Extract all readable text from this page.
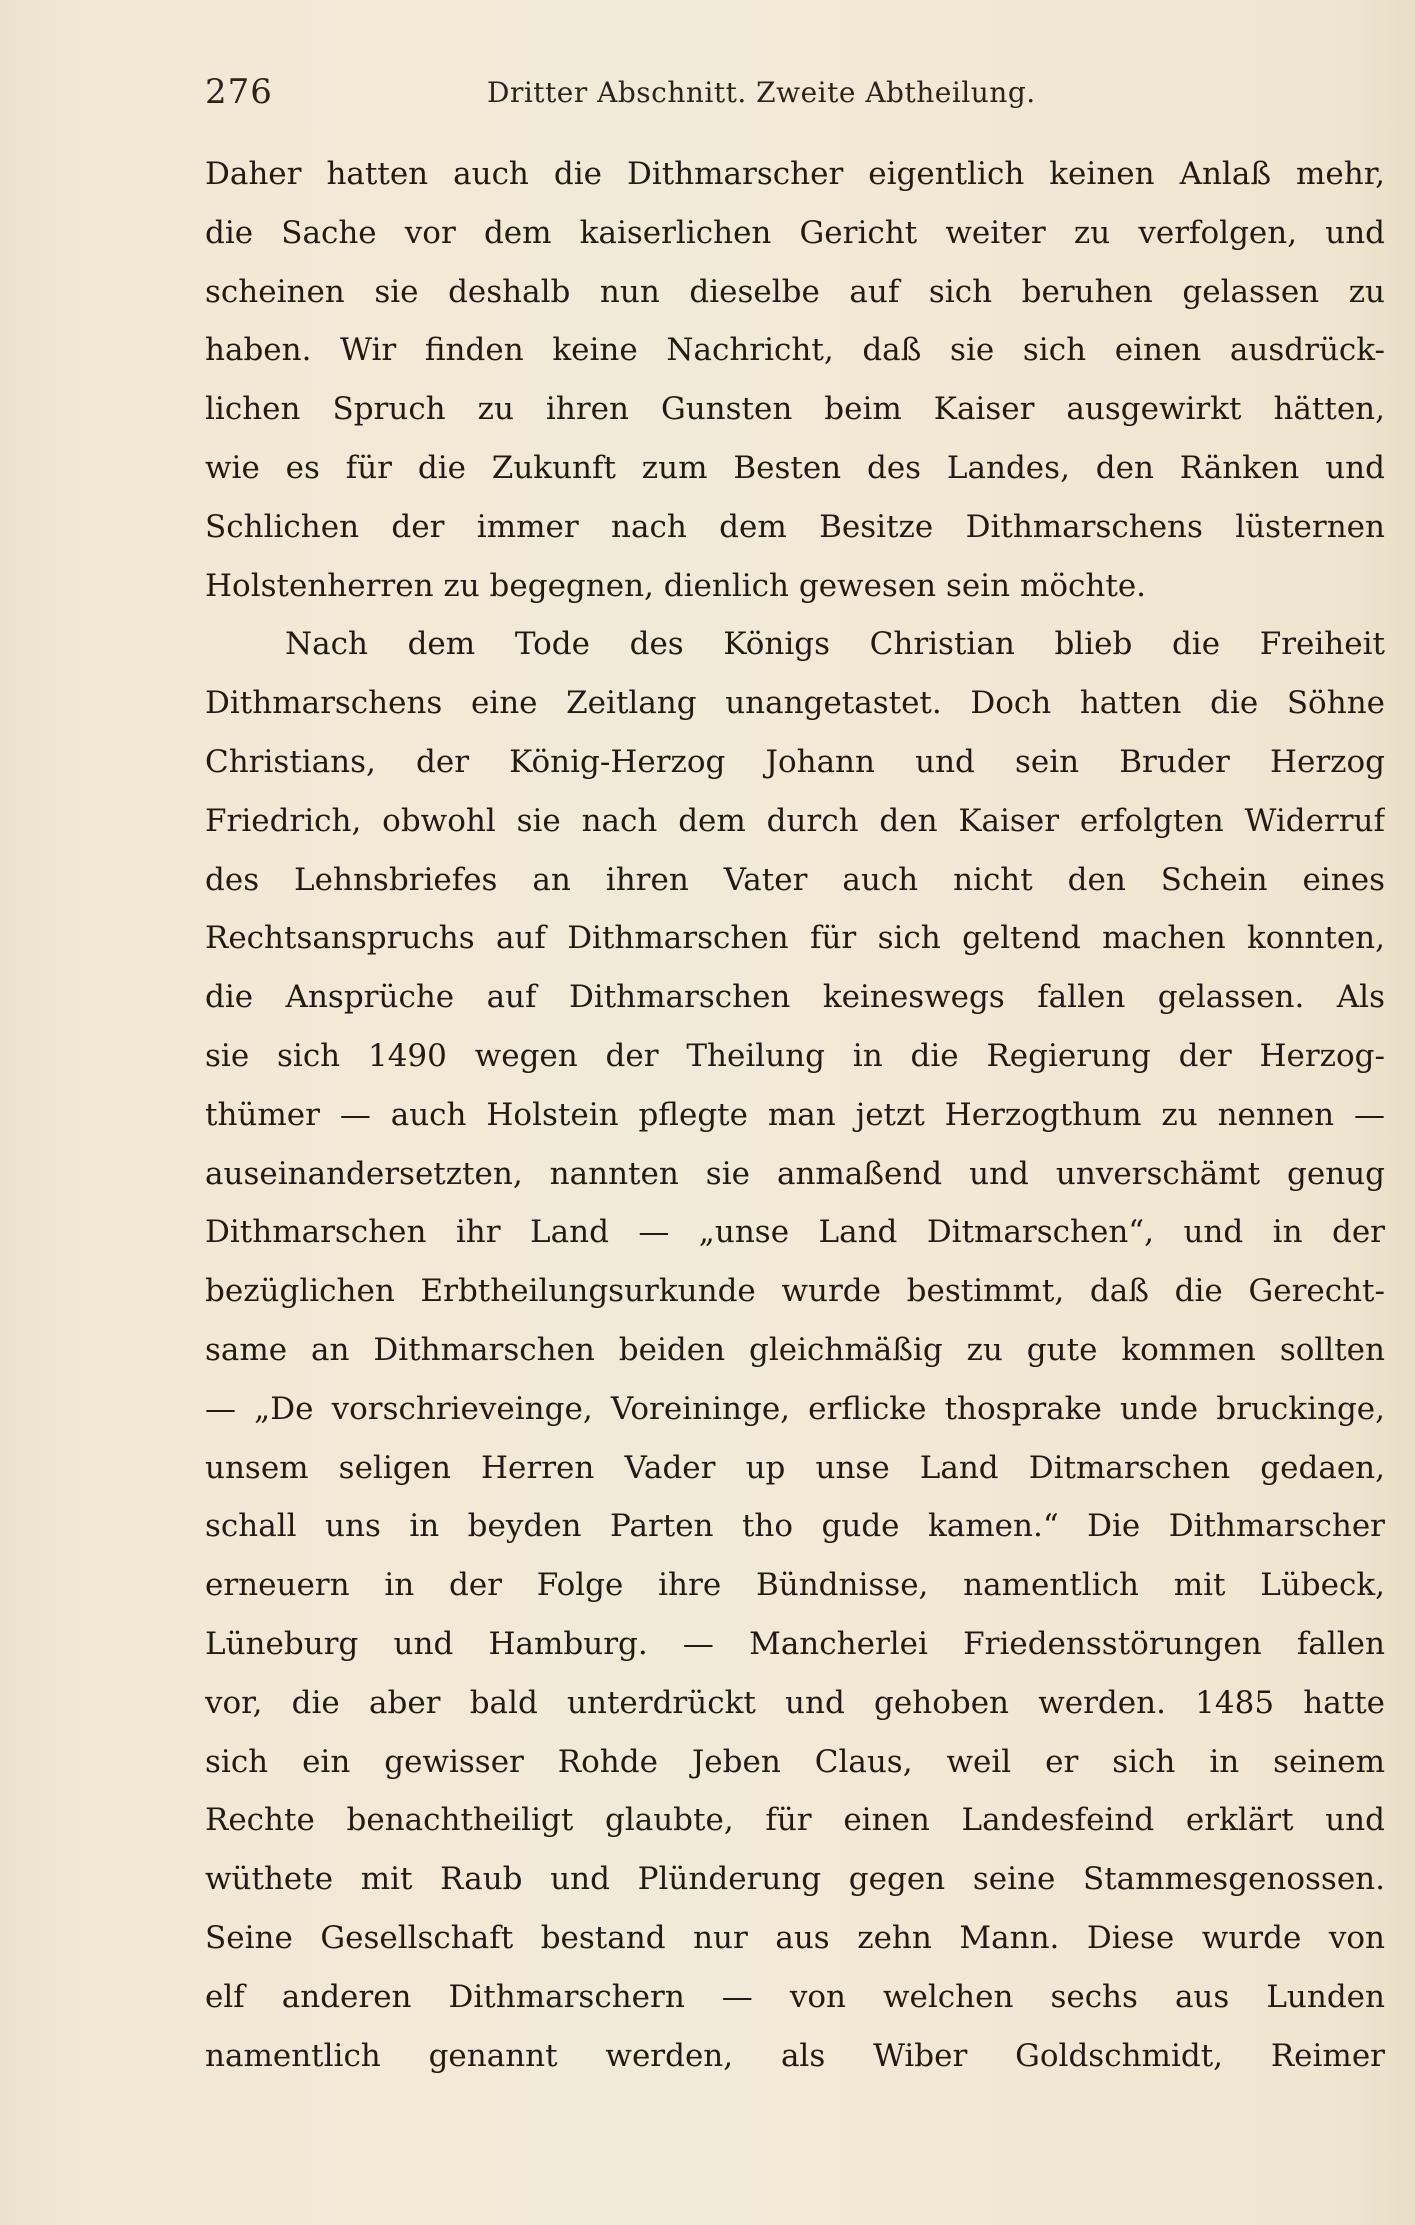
276	Dritter Abschnitt. Zweite Abtheilung.
Daher hatten auch die Dithmarscher eigentlich keinen Anlaß mehr,
die Sache vor dem kaiserlichen Gericht weiter zu verfolgen, und
scheinen sie deshalb nun dieselbe auf sich beruhen gelassen zu
haben. Wir finden keine Nachricht, daß sie sich einen ausdrück-
lichen Spruch zu ihren Gunsten beim Kaiser ausgewirkt hätten,
wie es für die Zukunft zum Besten des Landes, den Ränken und
Schlichen der immer nach dem Besitze Dithmarschens lüsternen
Holstenherren zu begegnen, dienlich gewesen sein möchte.
Nach dem Tode des Königs Christian blieb die Freiheit
Dithmarschens eine Zeitlang unangetastet. Doch hatten die Söhne
Christians, der König-Herzog Johann und sein Bruder Herzog
Friedrich, obwohl sie nach dem durch den Kaiser erfolgten Widerruf
des Lehnsbriefes an ihren Vater auch nicht den Schein eines
Rechtsanspruchs auf Dithmarschen für sich geltend machen konnten,
die Ansprüche auf Dithmarschen keineswegs fallen gelassen. Als
sie sich 1490 wegen der Theilung in die Regierung der Herzog-
thümer — auch Holstein pflegte man jetzt Herzogthum zu nennen —
auseinandersetzten, nannten sie anmaßend und unverschämt genug
Dithmarschen ihr Land — „unse Land Ditmarschen“, und in der
bezüglichen Erbtheilungsurkunde wurde bestimmt, daß die Gerecht-
same an Dithmarschen beiden gleichmäßig zu gute kommen sollten
— „De vorschrieveinge, Voreininge, erflicke thosprake unde bruckinge,
unsem seligen Herren Vader up unse Land Ditmarschen gedaen,
schall uns in beyden Parten tho gude kamen.“ Die Dithmarscher
erneuern in der Folge ihre Bündnisse, namentlich mit Lübeck,
Lüneburg und Hamburg. — Mancherlei Friedensstörungen fallen
vor, die aber bald unterdrückt und gehoben werden. 1485 hatte
sich ein gewisser Rohde Jeben Claus, weil er sich in seinem
Rechte benachtheiligt glaubte, für einen Landesfeind erklärt und
wüthete mit Raub und Plünderung gegen seine Stammesgenossen.
Seine Gesellschaft bestand nur aus zehn Mann. Diese wurde von
elf anderen Dithmarschern — von welchen sechs aus Lunden
namentlich genannt werden, als Wiber Goldschmidt, Reimer
